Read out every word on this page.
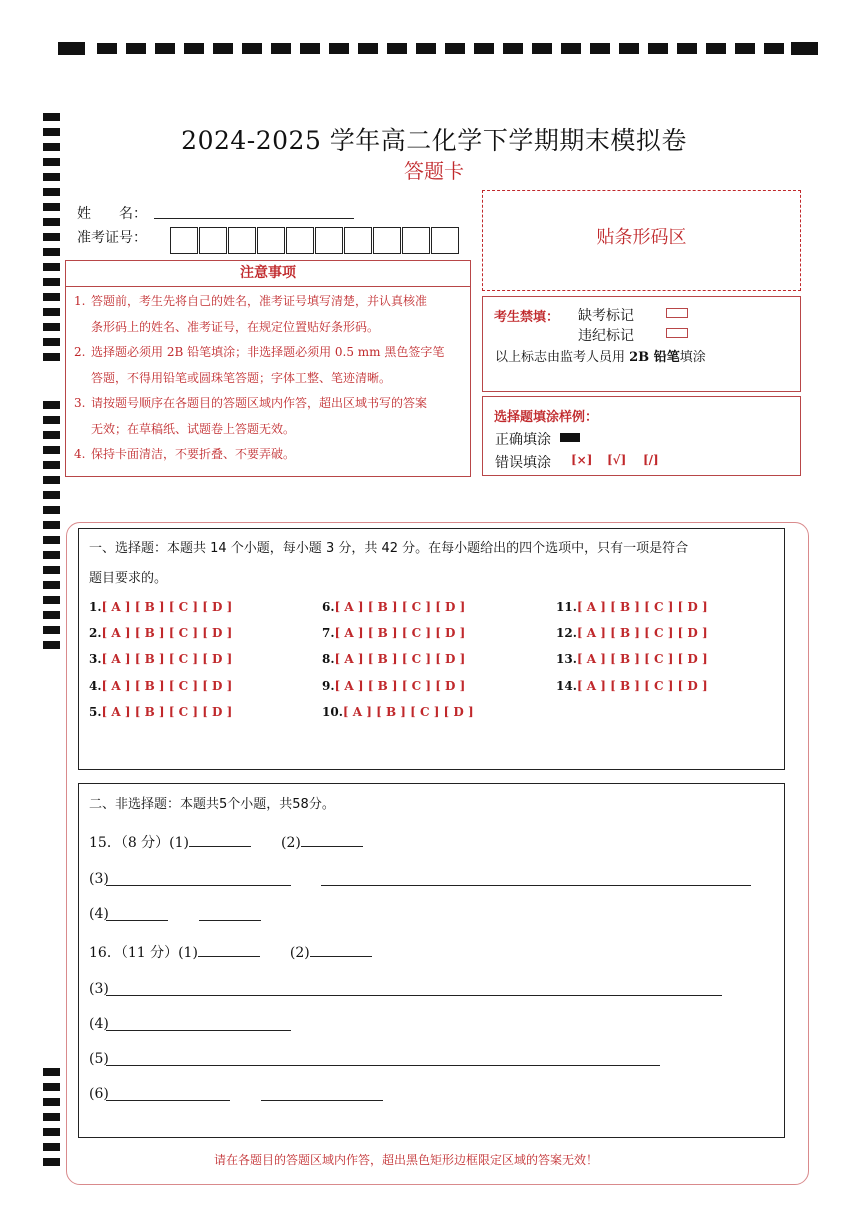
2024-2025 学年高二化学下学期期末模拟卷
答题卡
姓　　名：
准考证号：
注意事项
1. 答题前，考生先将自己的姓名，准考证号填写清楚，并认真核准
条形码上的姓名、准考证号，在规定位置贴好条形码。
2. 选择题必须用 2B 铅笔填涂；非选择题必须用 0.5 mm 黑色签字笔
答题，不得用铅笔或圆珠笔答题；字体工整、笔迹清晰。
3. 请按题号顺序在各题目的答题区域内作答，超出区域书写的答案
无效；在草稿纸、试题卷上答题无效。
4. 保持卡面清洁，不要折叠、不要弄破。
贴条形码区
考生禁填： 缺考标记
违纪标记
以上标志由监考人员用 2B 铅笔填涂
选择题填涂样例：
正确填涂
错误填涂 [×] [√] [/]
一、选择题：本题共 14 个小题，每小题 3 分，共 42 分。在每小题给出的四个选项中，只有一项是符合
题目要求的。
1.[ A ] [ B ] [ C ] [ D ]
2.[ A ] [ B ] [ C ] [ D ]
3.[ A ] [ B ] [ C ] [ D ]
4.[ A ] [ B ] [ C ] [ D ]
5.[ A ] [ B ] [ C ] [ D ]
6.[ A ] [ B ] [ C ] [ D ]
7.[ A ] [ B ] [ C ] [ D ]
8.[ A ] [ B ] [ C ] [ D ]
9.[ A ] [ B ] [ C ] [ D ]
10.[ A ] [ B ] [ C ] [ D ]
11.[ A ] [ B ] [ C ] [ D ]
12.[ A ] [ B ] [ C ] [ D ]
13.[ A ] [ B ] [ C ] [ D ]
14.[ A ] [ B ] [ C ] [ D ]
二、非选择题：本题共5个小题，共58分。
15．（8 分）(1)	(2)
(3)
(4)
16．（11 分）(1)	(2)
(3)
(4)
(5)
(6)
请在各题目的答题区域内作答，超出黑色矩形边框限定区域的答案无效！
